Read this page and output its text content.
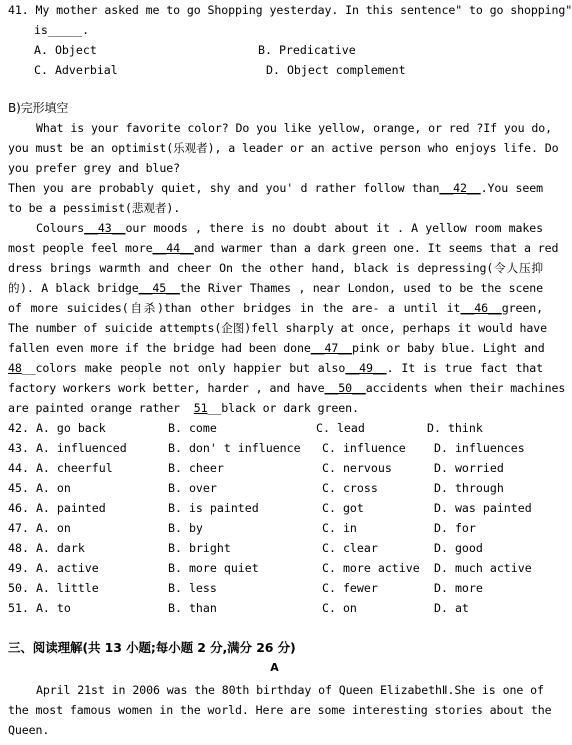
41. My mother asked me to go Shopping yesterday. In this sentence" to go shopping"
is_____.
A. Object	B. Predicative
C. Adverbial	D. Object complement
B)完形填空
What is your favorite color? Do you like yellow, orange, or red ?If you do,
you must be an optimist(乐观者), a leader or an active person who enjoys life. Do
you prefer grey and blue?
Then you are probably quiet, shy and you' d rather follow than__42__.You seem
to be a pessimist(悲观者).
Colours__43__our moods , there is no doubt about it . A yellow room makes
most people feel more__44__and warmer than a dark green one. It seems that a red
dress brings warmth and cheer On the other hand, black is depressing(令人压抑
的). A black bridge__45__the River Thames , near London, used to be the scene
of more suicides(自杀)than other bridges in the are- a until it__46__green,
The number of suicide attempts(企图)fell sharply at once, perhaps it would have
fallen even more if the bridge had been done__47__pink or baby blue. Light and
48__colors make people not only happier but also__49__. It is true fact that
factory workers work better, harder , and have__50__accidents when their machines
are painted orange rather 51__black or dark green.
42. A. go back	B. come	C. lead	D. think
43. A. influenced	B. don' t influence C. influence D. influences
44. A. cheerful	B. cheer	C. nervous	D. worried
45. A. on	B. over	C. cross	D. through
46. A. painted	B. is painted	C. got	D. was painted
47. A. on	B. by	C. in	D. for
48. A. dark	B. bright	C. clear	D. good
49. A. active	B. more quiet	C. more active D. much active
50. A. little	B. less	C. fewer	D. more
51. A. to	B. than	C. on	D. at
三、阅读理解(共 13 小题;每小题 2 分,满分 26 分)
A
April 21st in 2006 was the 80th birthday of Queen ElizabethⅡ.She is one of
the most famous women in the world. Here are some interesting stories about the
Queen.
